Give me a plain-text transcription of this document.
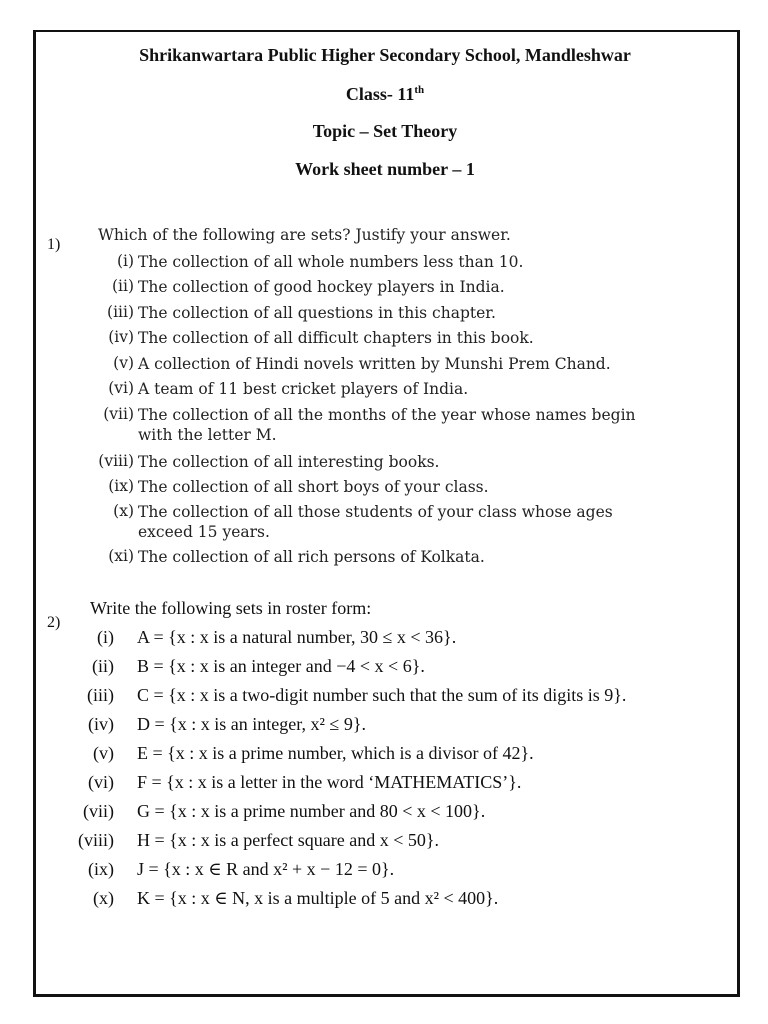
Shrikanwartara Public Higher Secondary School, Mandleshwar
Class- 11th
Topic – Set Theory
Work sheet number – 1
1)
Which of the following are sets? Justify your answer.
(i) The collection of all whole numbers less than 10.
(ii) The collection of good hockey players in India.
(iii) The collection of all questions in this chapter.
(iv) The collection of all difficult chapters in this book.
(v) A collection of Hindi novels written by Munshi Prem Chand.
(vi) A team of 11 best cricket players of India.
(vii) The collection of all the months of the year whose names begin with the letter M.
(viii) The collection of all interesting books.
(ix) The collection of all short boys of your class.
(x) The collection of all those students of your class whose ages exceed 15 years.
(xi) The collection of all rich persons of Kolkata.
2)
Write the following sets in roster form:
(i) A = {x : x is a natural number, 30 ≤ x < 36}.
(ii) B = {x : x is an integer and −4 < x < 6}.
(iii) C = {x : x is a two-digit number such that the sum of its digits is 9}.
(iv) D = {x : x is an integer, x² ≤ 9}.
(v) E = {x : x is a prime number, which is a divisor of 42}.
(vi) F = {x : x is a letter in the word ‘MATHEMATICS’}.
(vii) G = {x : x is a prime number and 80 < x < 100}.
(viii) H = {x : x is a perfect square and x < 50}.
(ix) J = {x : x ∈ R and x² + x − 12 = 0}.
(x) K = {x : x ∈ N, x is a multiple of 5 and x² < 400}.
